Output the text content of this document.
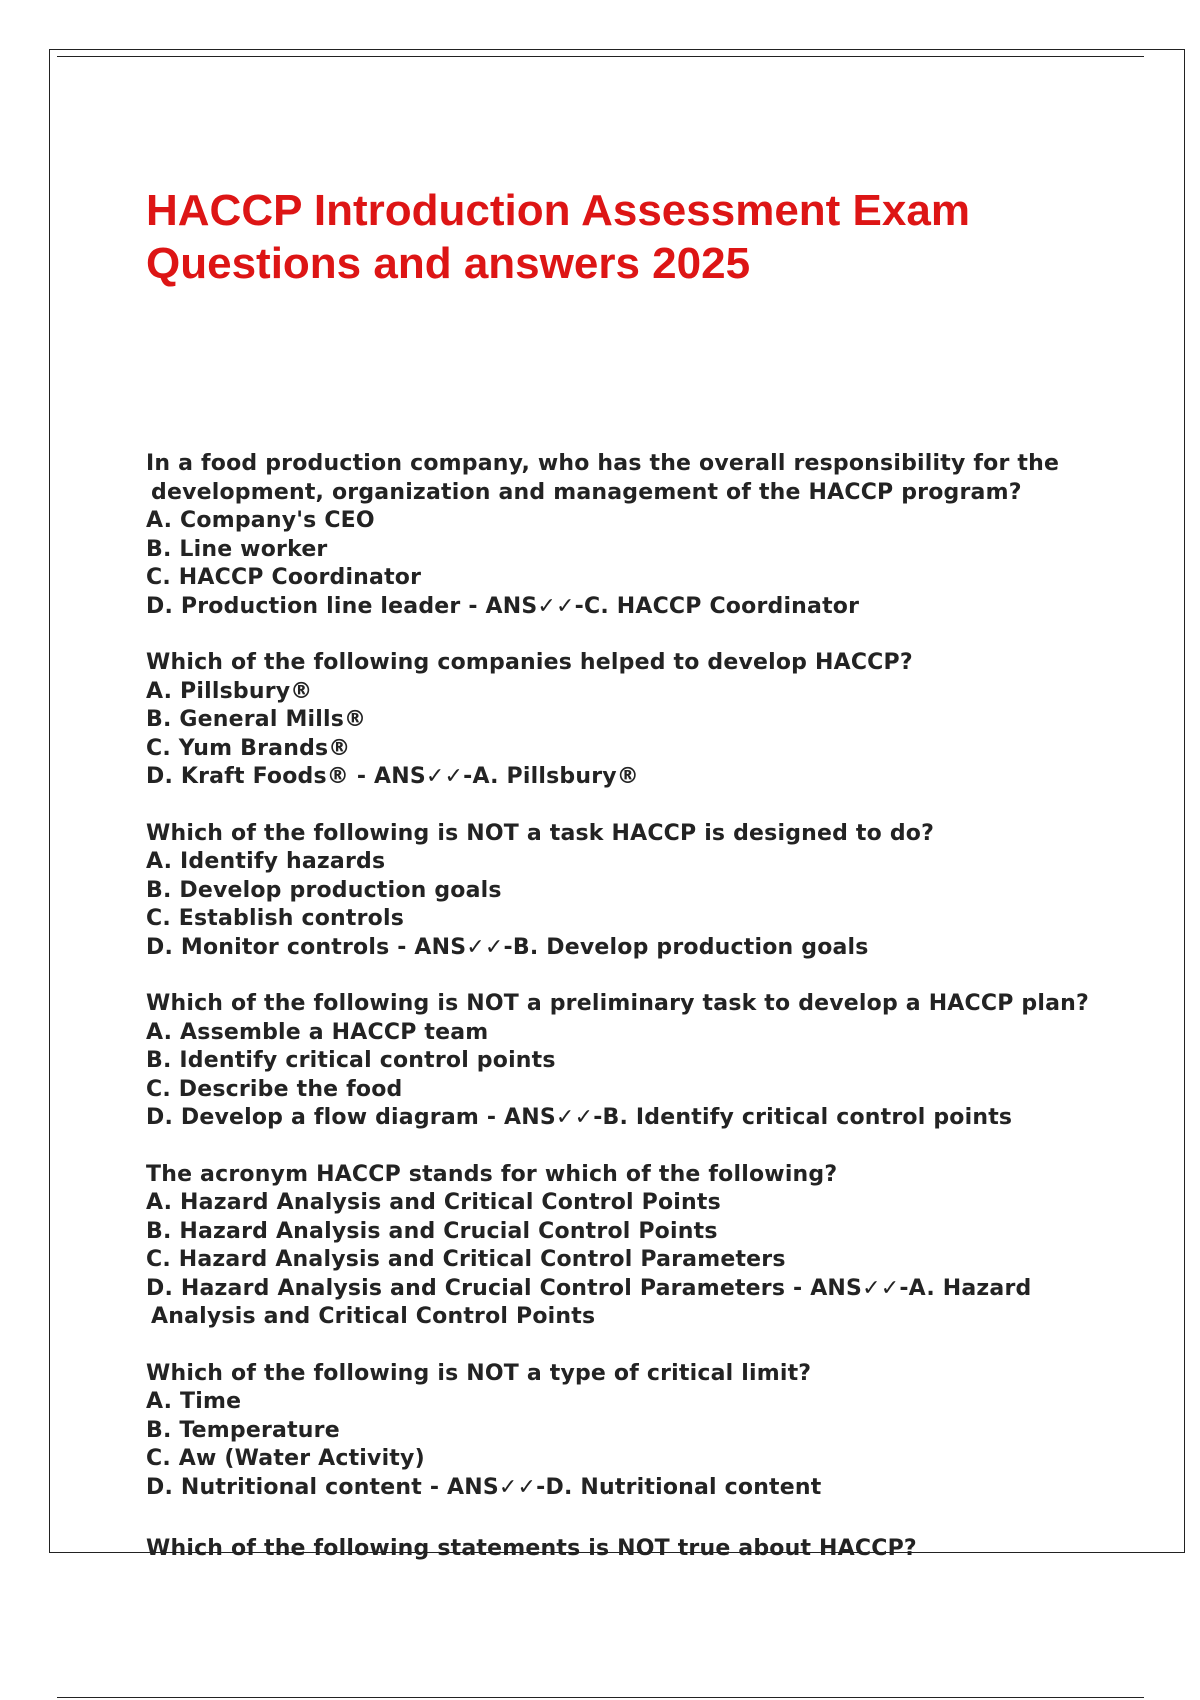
HACCP Introduction Assessment Exam
Questions and answers 2025
In a food production company, who has the overall responsibility for the
development, organization and management of the HACCP program?
A. Company's CEO
B. Line worker
C. HACCP Coordinator
D. Production line leader - ANS✓✓-C. HACCP Coordinator
Which of the following companies helped to develop HACCP?
A. Pillsbury®
B. General Mills®
C. Yum Brands®
D. Kraft Foods® - ANS✓✓-A. Pillsbury®
Which of the following is NOT a task HACCP is designed to do?
A. Identify hazards
B. Develop production goals
C. Establish controls
D. Monitor controls - ANS✓✓-B. Develop production goals
Which of the following is NOT a preliminary task to develop a HACCP plan?
A. Assemble a HACCP team
B. Identify critical control points
C. Describe the food
D. Develop a flow diagram - ANS✓✓-B. Identify critical control points
The acronym HACCP stands for which of the following?
A. Hazard Analysis and Critical Control Points
B. Hazard Analysis and Crucial Control Points
C. Hazard Analysis and Critical Control Parameters
D. Hazard Analysis and Crucial Control Parameters - ANS✓✓-A. Hazard
Analysis and Critical Control Points
Which of the following is NOT a type of critical limit?
A. Time
B. Temperature
C. Aw (Water Activity)
D. Nutritional content - ANS✓✓-D. Nutritional content
Which of the following statements is NOT true about HACCP?
